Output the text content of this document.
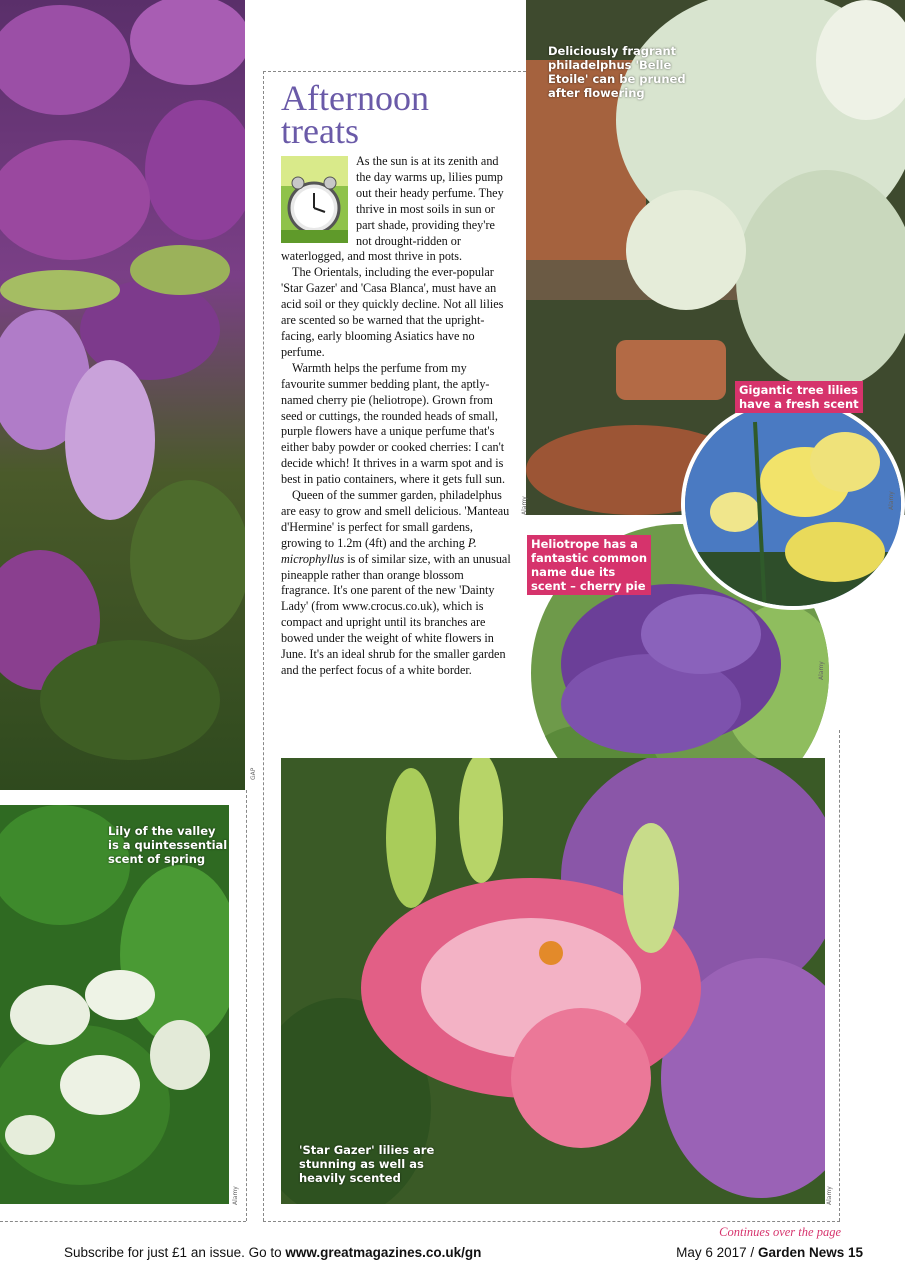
GAP
Afternoon
treats

As the sun is at its zenith and the day warms up, lilies pump out their heady perfume. They thrive in most soils in sun or part shade, providing they're not drought-ridden or waterlogged, and most thrive in pots.

The Orientals, including the ever-popular 'Star Gazer' and 'Casa Blanca', must have an acid soil or they quickly decline. Not all lilies are scented so be warned that the upright-facing, early blooming Asiatics have no perfume.

Warmth helps the perfume from my favourite summer bedding plant, the aptly-named cherry pie (heliotrope). Grown from seed or cuttings, the rounded heads of small, purple flowers have a unique perfume that's either baby powder or cooked cherries: I can't decide which! It thrives in a warm spot and is best in patio containers, where it gets full sun.

Queen of the summer garden, philadelphus are easy to grow and smell delicious. 'Manteau d'Hermine' is perfect for small gardens, growing to 1.2m (4ft) and the arching P. microphyllus is of similar size, with an unusual pineapple rather than orange blossom fragrance. It's one parent of the new 'Dainty Lady' (from www.crocus.co.uk), which is compact and upright until its branches are bowed under the weight of white flowers in June. It's an ideal shrub for the smaller garden and the perfect focus of a white border.

Deliciously fragrant
philadelphus 'Belle
Etoile' can be pruned
after flowering
Alamy
Alamy
Gigantic tree lilies
have a fresh scent
Alamy
Heliotrope has a
fantastic common
name due its
scent – cherry pie
Lily of the valley
is a quintessential
scent of spring
Alamy
'Star Gazer' lilies are
stunning as well as
heavily scented
Alamy
Continues over the page
Subscribe for just £1 an issue. Go to www.greatmagazines.co.uk/gn	May 6 2017 / Garden News 15
